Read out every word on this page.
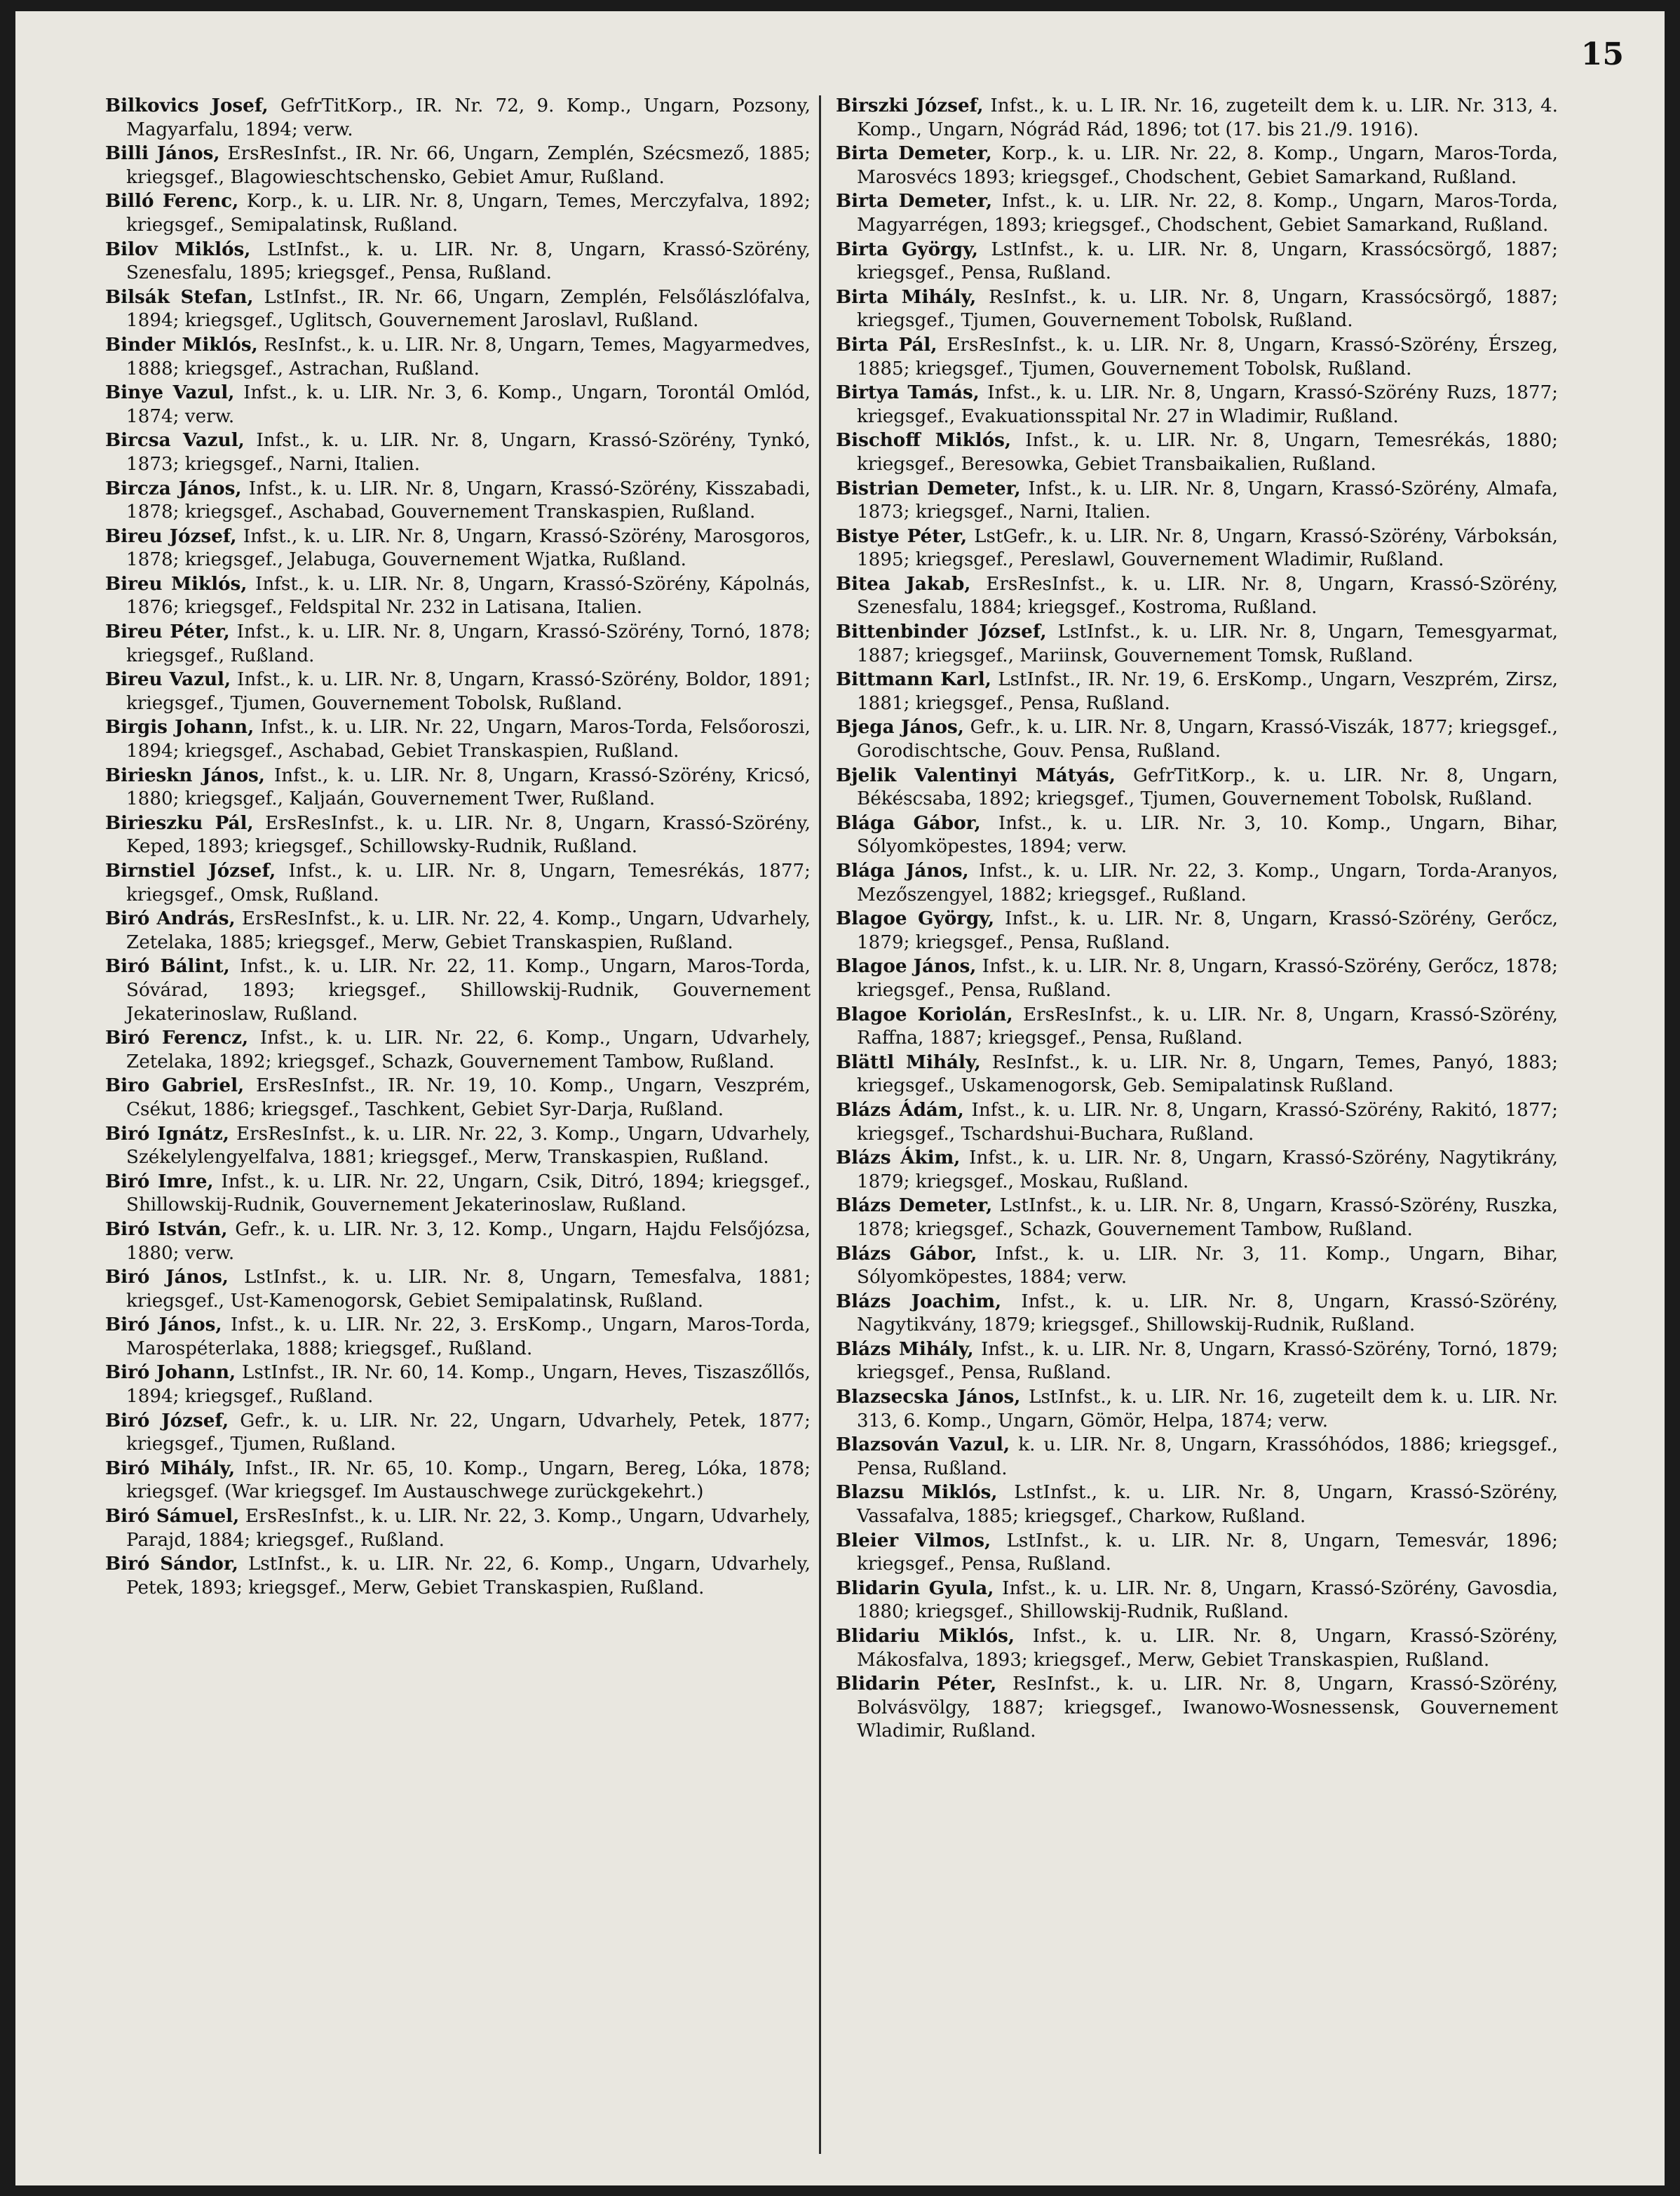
15

Bilkovics Josef, GefrTitKorp., IR. Nr. 72, 9. Komp., Ungarn, Pozsony, Magyarfalu, 1894; verw.

Billi János, ErsResInfst., IR. Nr. 66, Ungarn, Zemplén, Szécsmező, 1885; kriegsgef., Blagowieschtschensko, Gebiet Amur, Rußland.

Billó Ferenc, Korp., k. u. LIR. Nr. 8, Ungarn, Temes, Merczyfalva, 1892; kriegsgef., Semipalatinsk, Rußland.

Bilov Miklós, LstInfst., k. u. LIR. Nr. 8, Ungarn, Krassó-Szörény, Szenesfalu, 1895; kriegsgef., Pensa, Rußland.

Bilsák Stefan, LstInfst., IR. Nr. 66, Ungarn, Zemplén, Felsőlászlófalva, 1894; kriegsgef., Uglitsch, Gouvernement Jaroslavl, Rußland.

Binder Miklós, ResInfst., k. u. LIR. Nr. 8, Ungarn, Temes, Magyarmedves, 1888; kriegsgef., Astrachan, Rußland.

Binye Vazul, Infst., k. u. LIR. Nr. 3, 6. Komp., Ungarn, Torontál Omlód, 1874; verw.

Bircsa Vazul, Infst., k. u. LIR. Nr. 8, Ungarn, Krassó-Szörény, Tynkó, 1873; kriegsgef., Narni, Italien.

Bircza János, Infst., k. u. LIR. Nr. 8, Ungarn, Krassó-Szörény, Kisszabadi, 1878; kriegsgef., Aschabad, Gouvernement Transkaspien, Rußland.

Bireu József, Infst., k. u. LIR. Nr. 8, Ungarn, Krassó-Szörény, Marosgoros, 1878; kriegsgef., Jelabuga, Gouvernement Wjatka, Rußland.

Bireu Miklós, Infst., k. u. LIR. Nr. 8, Ungarn, Krassó-Szörény, Kápolnás, 1876; kriegsgef., Feldspital Nr. 232 in Latisana, Italien.

Bireu Péter, Infst., k. u. LIR. Nr. 8, Ungarn, Krassó-Szörény, Tornó, 1878; kriegsgef., Rußland.

Bireu Vazul, Infst., k. u. LIR. Nr. 8, Ungarn, Krassó-Szörény, Boldor, 1891; kriegsgef., Tjumen, Gouvernement Tobolsk, Rußland.

Birgis Johann, Infst., k. u. LIR. Nr. 22, Ungarn, Maros-Torda, Felsőoroszi, 1894; kriegsgef., Aschabad, Gebiet Transkaspien, Rußland.

Birieskn János, Infst., k. u. LIR. Nr. 8, Ungarn, Krassó-Szörény, Kricsó, 1880; kriegsgef., Kaljaán, Gouvernement Twer, Rußland.

Birieszku Pál, ErsResInfst., k. u. LIR. Nr. 8, Ungarn, Krassó-Szörény, Keped, 1893; kriegsgef., Schillowsky-Rudnik, Rußland.

Birnstiel József, Infst., k. u. LIR. Nr. 8, Ungarn, Temesrékás, 1877; kriegsgef., Omsk, Rußland.

Biró András, ErsResInfst., k. u. LIR. Nr. 22, 4. Komp., Ungarn, Udvarhely, Zetelaka, 1885; kriegsgef., Merw, Gebiet Transkaspien, Rußland.

Biró Bálint, Infst., k. u. LIR. Nr. 22, 11. Komp., Ungarn, Maros-Torda, Sóvárad, 1893; kriegsgef., Shillowskij-Rudnik, Gouvernement Jekaterinoslaw, Rußland.

Biró Ferencz, Infst., k. u. LIR. Nr. 22, 6. Komp., Ungarn, Udvarhely, Zetelaka, 1892; kriegsgef., Schazk, Gouvernement Tambow, Rußland.

Biro Gabriel, ErsResInfst., IR. Nr. 19, 10. Komp., Ungarn, Veszprém, Csékut, 1886; kriegsgef., Taschkent, Gebiet Syr-Darja, Rußland.

Biró Ignátz, ErsResInfst., k. u. LIR. Nr. 22, 3. Komp., Ungarn, Udvarhely, Székelylengyelfalva, 1881; kriegsgef., Merw, Transkaspien, Rußland.

Biró Imre, Infst., k. u. LIR. Nr. 22, Ungarn, Csik, Ditró, 1894; kriegsgef., Shillowskij-Rudnik, Gouvernement Jekaterinoslaw, Rußland.

Biró István, Gefr., k. u. LIR. Nr. 3, 12. Komp., Ungarn, Hajdu Felsőjózsa, 1880; verw.

Biró János, LstInfst., k. u. LIR. Nr. 8, Ungarn, Temesfalva, 1881; kriegsgef., Ust-Kamenogorsk, Gebiet Semipalatinsk, Rußland.

Biró János, Infst., k. u. LIR. Nr. 22, 3. ErsKomp., Ungarn, Maros-Torda, Marospéterlaka, 1888; kriegsgef., Rußland.

Biró Johann, LstInfst., IR. Nr. 60, 14. Komp., Ungarn, Heves, Tiszaszőllős, 1894; kriegsgef., Rußland.

Biró József, Gefr., k. u. LIR. Nr. 22, Ungarn, Udvarhely, Petek, 1877; kriegsgef., Tjumen, Rußland.

Biró Mihály, Infst., IR. Nr. 65, 10. Komp., Ungarn, Bereg, Lóka, 1878; kriegsgef. (War kriegsgef. Im Austauschwege zurückgekehrt.)

Biró Sámuel, ErsResInfst., k. u. LIR. Nr. 22, 3. Komp., Ungarn, Udvarhely, Parajd, 1884; kriegsgef., Rußland.

Biró Sándor, LstInfst., k. u. LIR. Nr. 22, 6. Komp., Ungarn, Udvarhely, Petek, 1893; kriegsgef., Merw, Gebiet Transkaspien, Rußland.

Birszki József, Infst., k. u. L IR. Nr. 16, zugeteilt dem k. u. LIR. Nr. 313, 4. Komp., Ungarn, Nógrád Rád, 1896; tot (17. bis 21./9. 1916).

Birta Demeter, Korp., k. u. LIR. Nr. 22, 8. Komp., Ungarn, Maros-Torda, Marosvécs 1893; kriegsgef., Chodschent, Gebiet Samarkand, Rußland.

Birta Demeter, Infst., k. u. LIR. Nr. 22, 8. Komp., Ungarn, Maros-Torda, Magyarrégen, 1893; kriegsgef., Chodschent, Gebiet Samarkand, Rußland.

Birta György, LstInfst., k. u. LIR. Nr. 8, Ungarn, Krassócsörgő, 1887; kriegsgef., Pensa, Rußland.

Birta Mihály, ResInfst., k. u. LIR. Nr. 8, Ungarn, Krassócsörgő, 1887; kriegsgef., Tjumen, Gouvernement Tobolsk, Rußland.

Birta Pál, ErsResInfst., k. u. LIR. Nr. 8, Ungarn, Krassó-Szörény, Érszeg, 1885; kriegsgef., Tjumen, Gouvernement Tobolsk, Rußland.

Birtya Tamás, Infst., k. u. LIR. Nr. 8, Ungarn, Krassó-Szörény Ruzs, 1877; kriegsgef., Evakuationsspital Nr. 27 in Wladimir, Rußland.

Bischoff Miklós, Infst., k. u. LIR. Nr. 8, Ungarn, Temesrékás, 1880; kriegsgef., Beresowka, Gebiet Transbaikalien, Rußland.

Bistrian Demeter, Infst., k. u. LIR. Nr. 8, Ungarn, Krassó-Szörény, Almafa, 1873; kriegsgef., Narni, Italien.

Bistye Péter, LstGefr., k. u. LIR. Nr. 8, Ungarn, Krassó-Szörény, Várboksán, 1895; kriegsgef., Pereslawl, Gouvernement Wladimir, Rußland.

Bitea Jakab, ErsResInfst., k. u. LIR. Nr. 8, Ungarn, Krassó-Szörény, Szenesfalu, 1884; kriegsgef., Kostroma, Rußland.

Bittenbinder József, LstInfst., k. u. LIR. Nr. 8, Ungarn, Temesgyarmat, 1887; kriegsgef., Mariinsk, Gouvernement Tomsk, Rußland.

Bittmann Karl, LstInfst., IR. Nr. 19, 6. ErsKomp., Ungarn, Veszprém, Zirsz, 1881; kriegsgef., Pensa, Rußland.

Bjega János, Gefr., k. u. LIR. Nr. 8, Ungarn, Krassó-Viszák, 1877; kriegsgef., Gorodischtsche, Gouv. Pensa, Rußland.

Bjelik Valentinyi Mátyás, GefrTitKorp., k. u. LIR. Nr. 8, Ungarn, Békéscsaba, 1892; kriegsgef., Tjumen, Gouvernement Tobolsk, Rußland.

Blága Gábor, Infst., k. u. LIR. Nr. 3, 10. Komp., Ungarn, Bihar, Sólyomköpestes, 1894; verw.

Blága János, Infst., k. u. LIR. Nr. 22, 3. Komp., Ungarn, Torda-Aranyos, Mezőszengyel, 1882; kriegsgef., Rußland.

Blagoe György, Infst., k. u. LIR. Nr. 8, Ungarn, Krassó-Szörény, Gerőcz, 1879; kriegsgef., Pensa, Rußland.

Blagoe János, Infst., k. u. LIR. Nr. 8, Ungarn, Krassó-Szörény, Gerőcz, 1878; kriegsgef., Pensa, Rußland.

Blagoe Koriolán, ErsResInfst., k. u. LIR. Nr. 8, Ungarn, Krassó-Szörény, Raffna, 1887; kriegsgef., Pensa, Rußland.

Blättl Mihály, ResInfst., k. u. LIR. Nr. 8, Ungarn, Temes, Panyó, 1883; kriegsgef., Uskamenogorsk, Geb. Semipalatinsk Rußland.

Blázs Ádám, Infst., k. u. LIR. Nr. 8, Ungarn, Krassó-Szörény, Rakitó, 1877; kriegsgef., Tschardshui-Buchara, Rußland.

Blázs Ákim, Infst., k. u. LIR. Nr. 8, Ungarn, Krassó-Szörény, Nagytikrány, 1879; kriegsgef., Moskau, Rußland.

Blázs Demeter, LstInfst., k. u. LIR. Nr. 8, Ungarn, Krassó-Szörény, Ruszka, 1878; kriegsgef., Schazk, Gouvernement Tambow, Rußland.

Blázs Gábor, Infst., k. u. LIR. Nr. 3, 11. Komp., Ungarn, Bihar, Sólyomköpestes, 1884; verw.

Blázs Joachim, Infst., k. u. LIR. Nr. 8, Ungarn, Krassó-Szörény, Nagytikvány, 1879; kriegsgef., Shillowskij-Rudnik, Rußland.

Blázs Mihály, Infst., k. u. LIR. Nr. 8, Ungarn, Krassó-Szörény, Tornó, 1879; kriegsgef., Pensa, Rußland.

Blazsecska János, LstInfst., k. u. LIR. Nr. 16, zugeteilt dem k. u. LIR. Nr. 313, 6. Komp., Ungarn, Gömör, Helpa, 1874; verw.

Blazsován Vazul, k. u. LIR. Nr. 8, Ungarn, Krassóhódos, 1886; kriegsgef., Pensa, Rußland.

Blazsu Miklós, LstInfst., k. u. LIR. Nr. 8, Ungarn, Krassó-Szörény, Vassafalva, 1885; kriegsgef., Charkow, Rußland.

Bleier Vilmos, LstInfst., k. u. LIR. Nr. 8, Ungarn, Temesvár, 1896; kriegsgef., Pensa, Rußland.

Blidarin Gyula, Infst., k. u. LIR. Nr. 8, Ungarn, Krassó-Szörény, Gavosdia, 1880; kriegsgef., Shillowskij-Rudnik, Rußland.

Blidariu Miklós, Infst., k. u. LIR. Nr. 8, Ungarn, Krassó-Szörény, Mákosfalva, 1893; kriegsgef., Merw, Gebiet Transkaspien, Rußland.

Blidarin Péter, ResInfst., k. u. LIR. Nr. 8, Ungarn, Krassó-Szörény, Bolvásvölgy, 1887; kriegsgef., Iwanowo-Wosnessensk, Gouvernement Wladimir, Rußland.
